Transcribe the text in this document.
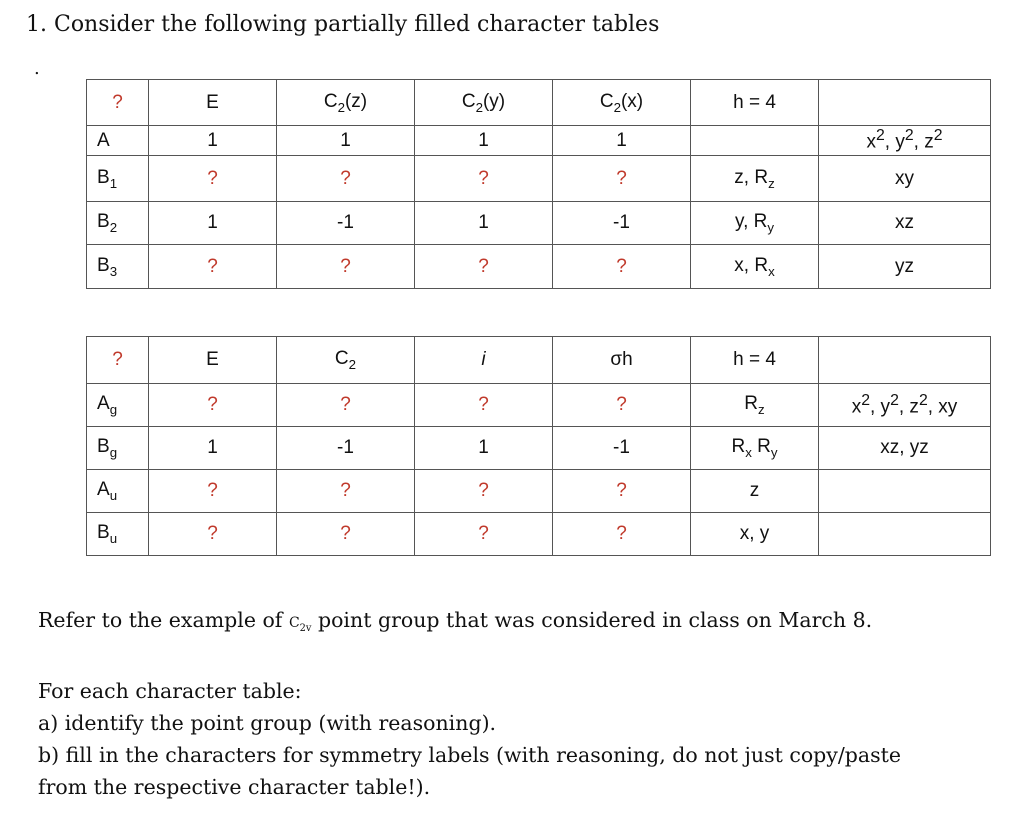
1. Consider the following partially filled character tables
.
?	E	$C_2(z)$	$C_2(y)$	$C_2(x)$	h = 4	
A	1	1	1	1		$x^2$, $y^2$, $z^2$
$B_1$	?	?	?	?	z, $R_z$	xy
$B_2$	1	-1	1	-1	y, $R_y$	xz
$B_3$	?	?	?	?	x, $R_x$	yz
?	E	$C_2$	i	σh	h = 4	
$A_g$	?	?	?	?	$R_z$	$x^2$, $y^2$, $z^2$, xy
$B_g$	1	-1	1	-1	$R_x$ $R_y$	xz, yz
$A_u$	?	?	?	?	z	
$B_u$	?	?	?	?	x, y	
Refer to the example of $C_{2v}$ point group that was considered in class on March 8.
For each character table:
a) identify the point group (with reasoning).
b) fill in the characters for symmetry labels (with reasoning, do not just copy/paste
from the respective character table!).
